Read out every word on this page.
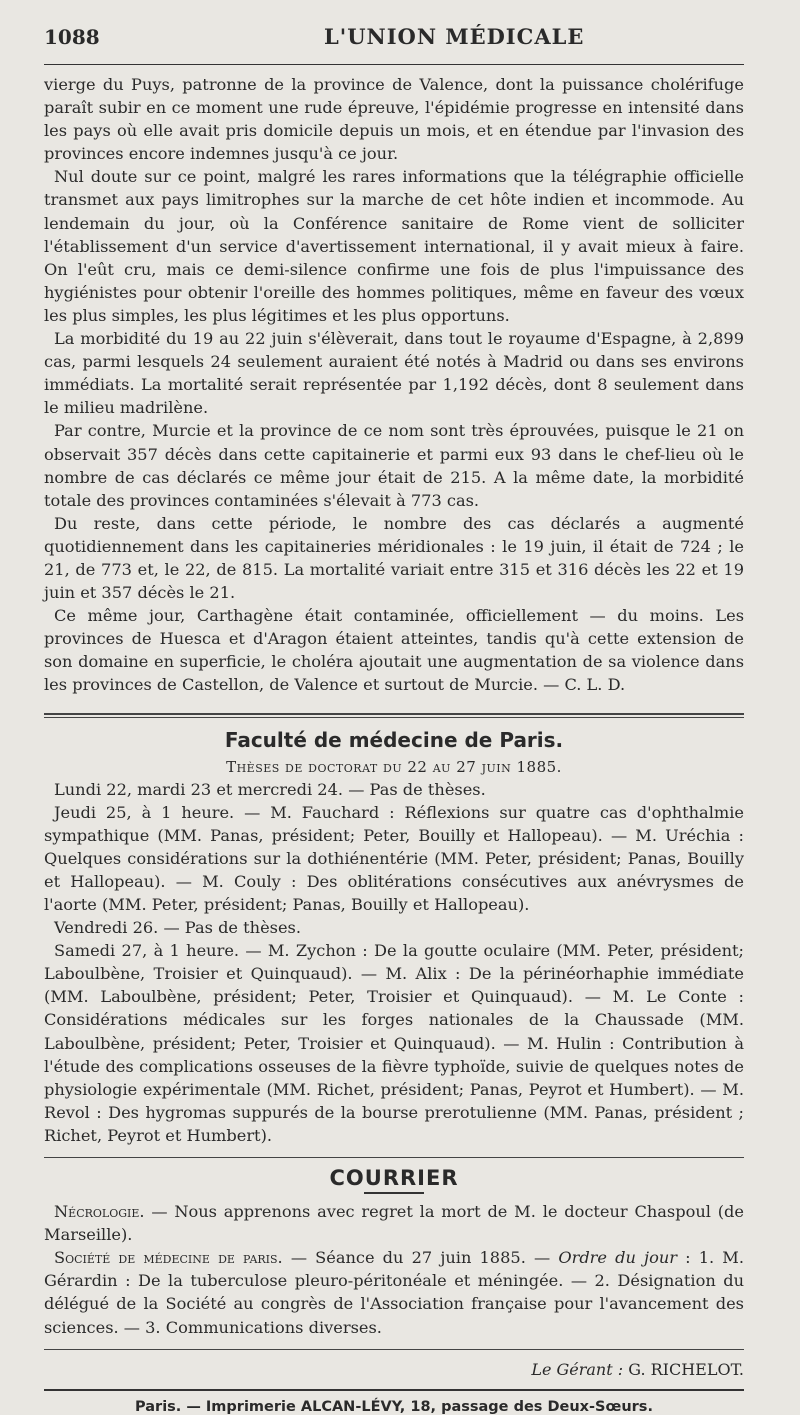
1088	L'UNION MÉDICALE

vierge du Puys, patronne de la province de Valence, dont la puissance cholérifuge paraît subir en ce moment une rude épreuve, l'épidémie progresse en intensité dans les pays où elle avait pris domicile depuis un mois, et en étendue par l'invasion des provinces encore indemnes jusqu'à ce jour.

Nul doute sur ce point, malgré les rares informations que la télégraphie officielle transmet aux pays limitrophes sur la marche de cet hôte indien et incommode. Au lendemain du jour, où la Conférence sanitaire de Rome vient de solliciter l'établissement d'un service d'avertissement international, il y avait mieux à faire. On l'eût cru, mais ce demi-silence confirme une fois de plus l'impuissance des hygiénistes pour obtenir l'oreille des hommes politiques, même en faveur des vœux les plus simples, les plus légitimes et les plus opportuns.

La morbidité du 19 au 22 juin s'élèverait, dans tout le royaume d'Espagne, à 2,899 cas, parmi lesquels 24 seulement auraient été notés à Madrid ou dans ses environs immédiats. La mortalité serait représentée par 1,192 décès, dont 8 seulement dans le milieu madrilène.

Par contre, Murcie et la province de ce nom sont très éprouvées, puisque le 21 on observait 357 décès dans cette capitainerie et parmi eux 93 dans le chef-lieu où le nombre de cas déclarés ce même jour était de 215. A la même date, la morbidité totale des provinces contaminées s'élevait à 773 cas.

Du reste, dans cette période, le nombre des cas déclarés a augmenté quotidiennement dans les capitaineries méridionales : le 19 juin, il était de 724 ; le 21, de 773 et, le 22, de 815. La mortalité variait entre 315 et 316 décès les 22 et 19 juin et 357 décès le 21.

Ce même jour, Carthagène était contaminée, officiellement — du moins. Les provinces de Huesca et d'Aragon étaient atteintes, tandis qu'à cette extension de son domaine en superficie, le choléra ajoutait une augmentation de sa violence dans les provinces de Castellon, de Valence et surtout de Murcie. — C. L. D.

Faculté de médecine de Paris.
Thèses de doctorat du 22 au 27 juin 1885.

Lundi 22, mardi 23 et mercredi 24. — Pas de thèses.

Jeudi 25, à 1 heure. — M. Fauchard : Réflexions sur quatre cas d'ophthalmie sympathique (MM. Panas, président; Peter, Bouilly et Hallopeau). — M. Uréchia : Quelques considérations sur la dothiénentérie (MM. Peter, président; Panas, Bouilly et Hallopeau). — M. Couly : Des oblitérations consécutives aux anévrysmes de l'aorte (MM. Peter, président; Panas, Bouilly et Hallopeau).

Vendredi 26. — Pas de thèses.

Samedi 27, à 1 heure. — M. Zychon : De la goutte oculaire (MM. Peter, président; Laboulbène, Troisier et Quinquaud). — M. Alix : De la périnéorhaphie immédiate (MM. Laboulbène, président; Peter, Troisier et Quinquaud). — M. Le Conte : Considérations médicales sur les forges nationales de la Chaussade (MM. Laboulbène, président; Peter, Troisier et Quinquaud). — M. Hulin : Contribution à l'étude des complications osseuses de la fièvre typhoïde, suivie de quelques notes de physiologie expérimentale (MM. Richet, président; Panas, Peyrot et Humbert). — M. Revol : Des hygromas suppurés de la bourse prerotulienne (MM. Panas, président ; Richet, Peyrot et Humbert).

COURRIER

Nécrologie. — Nous apprenons avec regret la mort de M. le docteur Chaspoul (de Marseille).

Société de médecine de paris. — Séance du 27 juin 1885. — Ordre du jour : 1. M. Gérardin : De la tuberculose pleuro-péritonéale et méningée. — 2. Désignation du délégué de la Société au congrès de l'Association française pour l'avancement des sciences. — 3. Communications diverses.

Le Gérant : G. RICHELOT.
Paris. — Imprimerie ALCAN-LÉVY, 18, passage des Deux-Sœurs.
